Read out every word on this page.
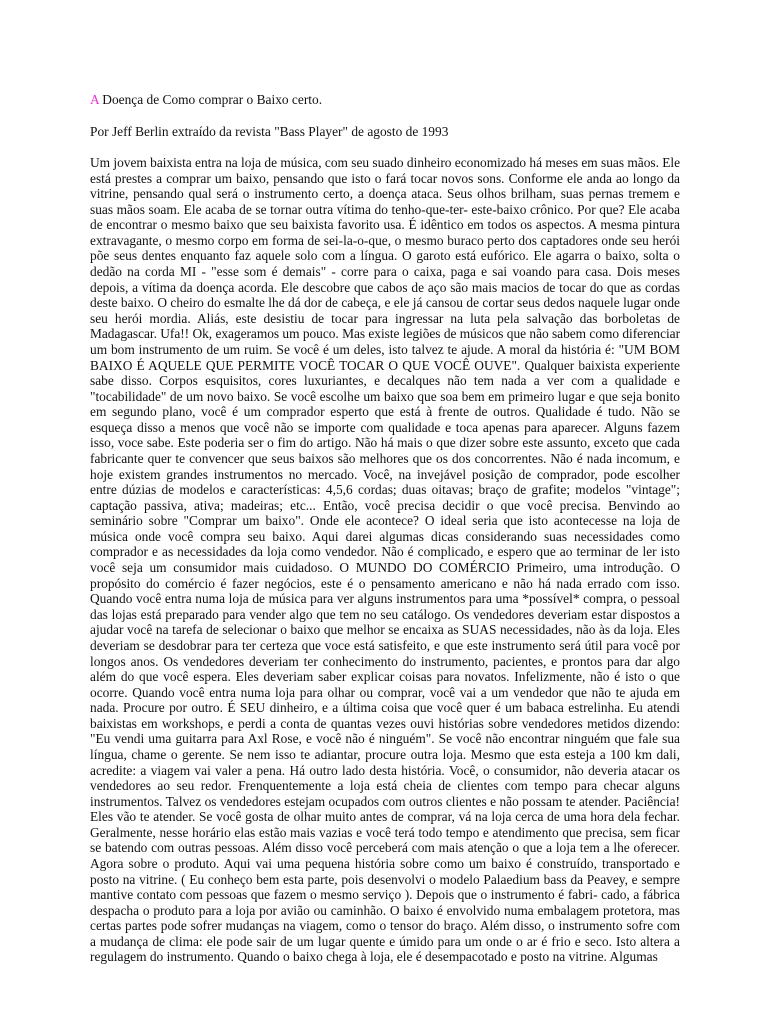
A Doença de Como comprar o Baixo certo.

Por Jeff Berlin extraído da revista "Bass Player" de agosto de 1993

Um jovem baixista entra na loja de música, com seu suado dinheiro economizado há meses em suas mãos. Ele
está prestes a comprar um baixo, pensando que isto o fará tocar novos sons. Conforme ele anda ao longo da
vitrine, pensando qual será o instrumento certo, a doença ataca. Seus olhos brilham, suas pernas tremem e
suas mãos soam. Ele acaba de se tornar outra vítima do tenho-que-ter- este-baixo crônico. Por que? Ele acaba
de encontrar o mesmo baixo que seu baixista favorito usa. É idêntico em todos os aspectos. A mesma pintura
extravagante, o mesmo corpo em forma de sei-la-o-que, o mesmo buraco perto dos captadores onde seu herói
põe seus dentes enquanto faz aquele solo com a língua. O garoto está eufórico. Ele agarra o baixo, solta o
dedão na corda MI - "esse som é demais" - corre para o caixa, paga e sai voando para casa. Dois meses
depois, a vítima da doença acorda. Ele descobre que cabos de aço são mais macios de tocar do que as cordas
deste baixo. O cheiro do esmalte lhe dá dor de cabeça, e ele já cansou de cortar seus dedos naquele lugar onde
seu herói mordia. Aliás, este desistiu de tocar para ingressar na luta pela salvação das borboletas de
Madagascar. Ufa!! Ok, exageramos um pouco. Mas existe legiões de músicos que não sabem como diferenciar
um bom instrumento de um ruim. Se você é um deles, isto talvez te ajude. A moral da história é: "UM BOM
BAIXO É AQUELE QUE PERMITE VOCÊ TOCAR O QUE VOCÊ OUVE". Qualquer baixista experiente
sabe disso. Corpos esquisitos, cores luxuriantes, e decalques não tem nada a ver com a qualidade e
"tocabilidade" de um novo baixo. Se você escolhe um baixo que soa bem em primeiro lugar e que seja bonito
em segundo plano, você é um comprador esperto que está à frente de outros. Qualidade é tudo. Não se
esqueça disso a menos que você não se importe com qualidade e toca apenas para aparecer. Alguns fazem
isso, voce sabe. Este poderia ser o fim do artigo. Não há mais o que dizer sobre este assunto, exceto que cada
fabricante quer te convencer que seus baixos são melhores que os dos concorrentes. Não é nada incomum, e
hoje existem grandes instrumentos no mercado. Você, na invejável posição de comprador, pode escolher
entre dúzias de modelos e características: 4,5,6 cordas; duas oitavas; braço de grafite; modelos "vintage";
captação passiva, ativa; madeiras; etc... Então, você precisa decidir o que você precisa. Benvindo ao
seminário sobre "Comprar um baixo". Onde ele acontece? O ideal seria que isto acontecesse na loja de
música onde você compra seu baixo. Aqui darei algumas dicas considerando suas necessidades como
comprador e as necessidades da loja como vendedor. Não é complicado, e espero que ao terminar de ler isto
você seja um consumidor mais cuidadoso. O MUNDO DO COMÉRCIO Primeiro, uma introdução. O
propósito do comércio é fazer negócios, este é o pensamento americano e não há nada errado com isso.
Quando você entra numa loja de música para ver alguns instrumentos para uma *possível* compra, o pessoal
das lojas está preparado para vender algo que tem no seu catálogo. Os vendedores deveriam estar dispostos a
ajudar você na tarefa de selecionar o baixo que melhor se encaixa as SUAS necessidades, não às da loja. Eles
deveriam se desdobrar para ter certeza que voce está satisfeito, e que este instrumento será útil para você por
longos anos. Os vendedores deveriam ter conhecimento do instrumento, pacientes, e prontos para dar algo
além do que você espera. Eles deveriam saber explicar coisas para novatos. Infelizmente, não é isto o que
ocorre. Quando você entra numa loja para olhar ou comprar, você vai a um vendedor que não te ajuda em
nada. Procure por outro. É SEU dinheiro, e a última coisa que você quer é um babaca estrelinha. Eu atendi
baixistas em workshops, e perdi a conta de quantas vezes ouvi histórias sobre vendedores metidos dizendo:
"Eu vendi uma guitarra para Axl Rose, e você não é ninguém". Se você não encontrar ninguém que fale sua
língua, chame o gerente. Se nem isso te adiantar, procure outra loja. Mesmo que esta esteja a 100 km dali,
acredite: a viagem vai valer a pena. Há outro lado desta história. Você, o consumidor, não deveria atacar os
vendedores ao seu redor. Frenquentemente a loja está cheia de clientes com tempo para checar alguns
instrumentos. Talvez os vendedores estejam ocupados com outros clientes e não possam te atender. Paciência!
Eles vão te atender. Se você gosta de olhar muito antes de comprar, vá na loja cerca de uma hora dela fechar.
Geralmente, nesse horário elas estão mais vazias e você terá todo tempo e atendimento que precisa, sem ficar
se batendo com outras pessoas. Além disso você perceberá com mais atenção o que a loja tem a lhe oferecer.
Agora sobre o produto. Aqui vai uma pequena história sobre como um baixo é construído, transportado e
posto na vitrine. ( Eu conheço bem esta parte, pois desenvolvi o modelo Palaedium bass da Peavey, e sempre
mantive contato com pessoas que fazem o mesmo serviço ). Depois que o instrumento é fabri- cado, a fábrica
despacha o produto para a loja por avião ou caminhão. O baixo é envolvido numa embalagem protetora, mas
certas partes pode sofrer mudanças na viagem, como o tensor do braço. Além disso, o instrumento sofre com
a mudança de clima: ele pode sair de um lugar quente e úmido para um onde o ar é frio e seco. Isto altera a
regulagem do instrumento. Quando o baixo chega à loja, ele é desempacotado e posto na vitrine. Algumas
